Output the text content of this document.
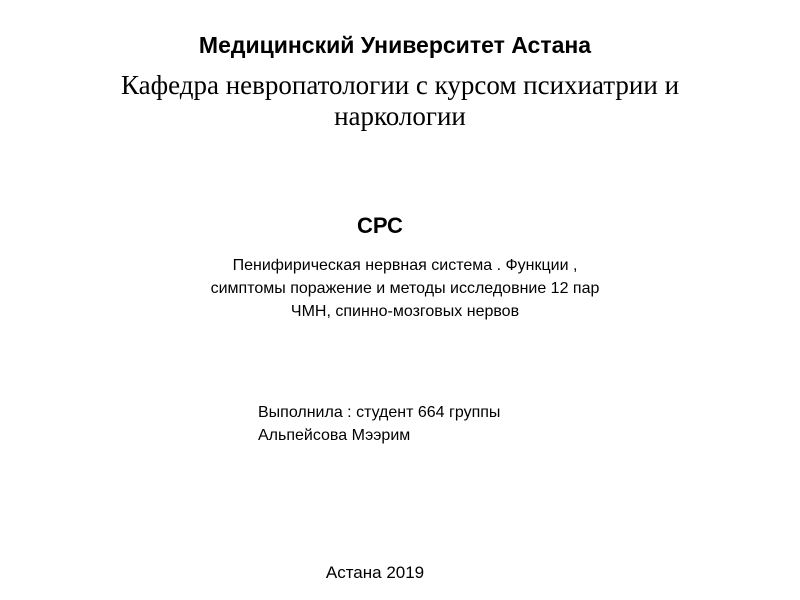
Медицинский Университет Астана
Кафедра невропатологии с курсом психиатрии и
наркологии
СРС
Пенифирическая нервная система . Функции ,
симптомы поражение и методы исследовние 12 пар
ЧМН, спинно-мозговых нервов
Выполнила : студент 664 группы
Альпейсова Мээрим
Астана 2019
